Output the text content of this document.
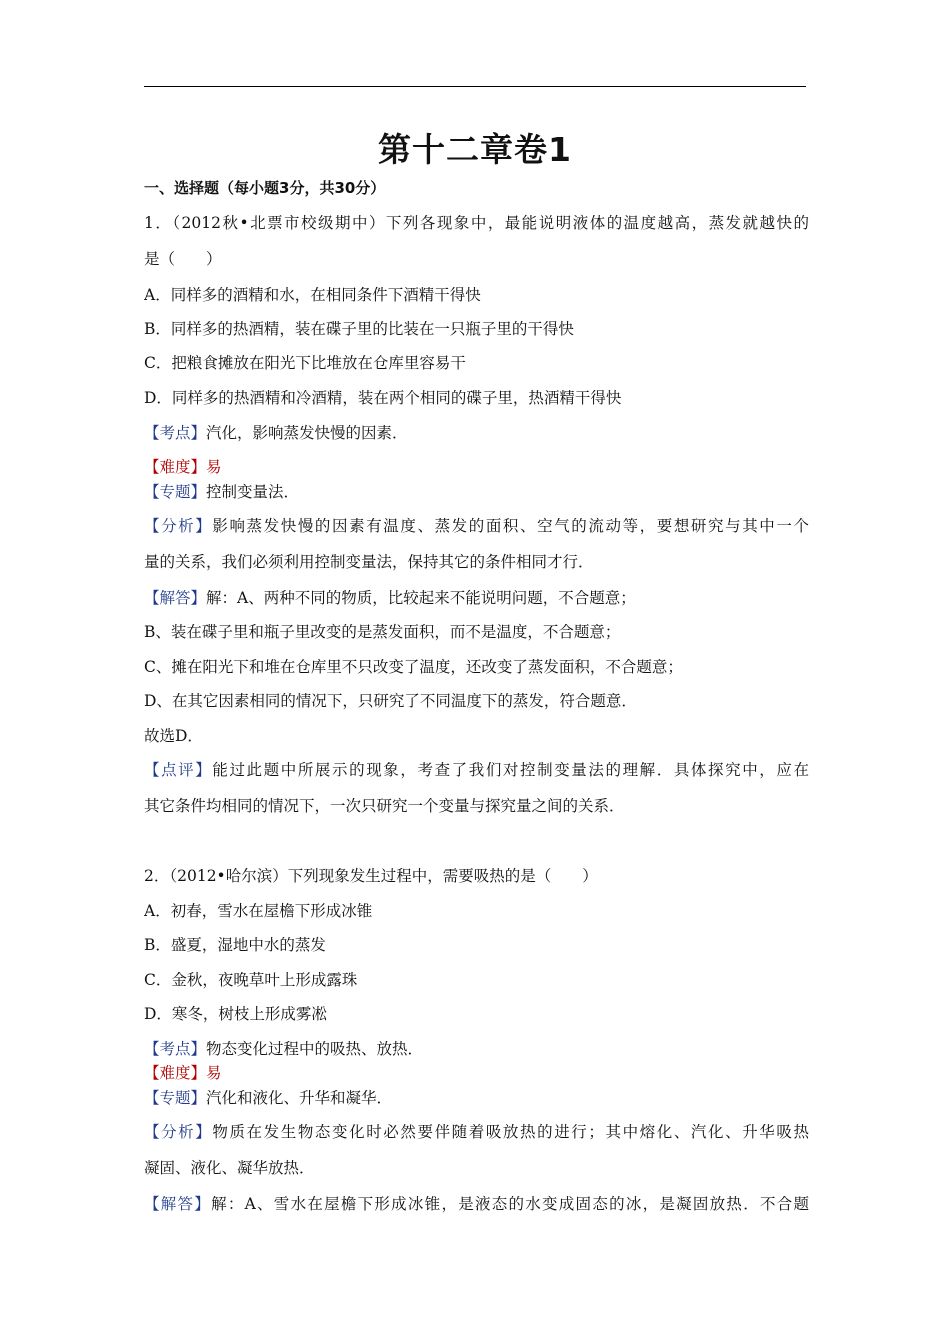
第十二章卷1
一、选择题（每小题3分，共30分）
1．（2012秋•北票市校级期中）下列各现象中，最能说明液体的温度越高，蒸发就越快的
是（　　）
A．同样多的酒精和水，在相同条件下酒精干得快
B．同样多的热酒精，装在碟子里的比装在一只瓶子里的干得快
C．把粮食摊放在阳光下比堆放在仓库里容易干
D．同样多的热酒精和冷酒精，装在两个相同的碟子里，热酒精干得快
【考点】汽化，影响蒸发快慢的因素．
【难度】易
【专题】控制变量法．
【分析】影响蒸发快慢的因素有温度、蒸发的面积、空气的流动等，要想研究与其中一个
量的关系，我们必须利用控制变量法，保持其它的条件相同才行．
【解答】解：A、两种不同的物质，比较起来不能说明问题，不合题意；
B、装在碟子里和瓶子里改变的是蒸发面积，而不是温度，不合题意；
C、摊在阳光下和堆在仓库里不只改变了温度，还改变了蒸发面积，不合题意；
D、在其它因素相同的情况下，只研究了不同温度下的蒸发，符合题意．
故选D．
【点评】能过此题中所展示的现象，考查了我们对控制变量法的理解．具体探究中，应在
其它条件均相同的情况下，一次只研究一个变量与探究量之间的关系．
2．（2012•哈尔滨）下列现象发生过程中，需要吸热的是（　　）
A．初春，雪水在屋檐下形成冰锥
B．盛夏，湿地中水的蒸发
C．金秋，夜晚草叶上形成露珠
D．寒冬，树枝上形成雾凇
【考点】物态变化过程中的吸热、放热．
【难度】易
【专题】汽化和液化、升华和凝华．
【分析】物质在发生物态变化时必然要伴随着吸放热的进行；其中熔化、汽化、升华吸热
凝固、液化、凝华放热．
【解答】解：A、雪水在屋檐下形成冰锥，是液态的水变成固态的冰，是凝固放热．不合题
